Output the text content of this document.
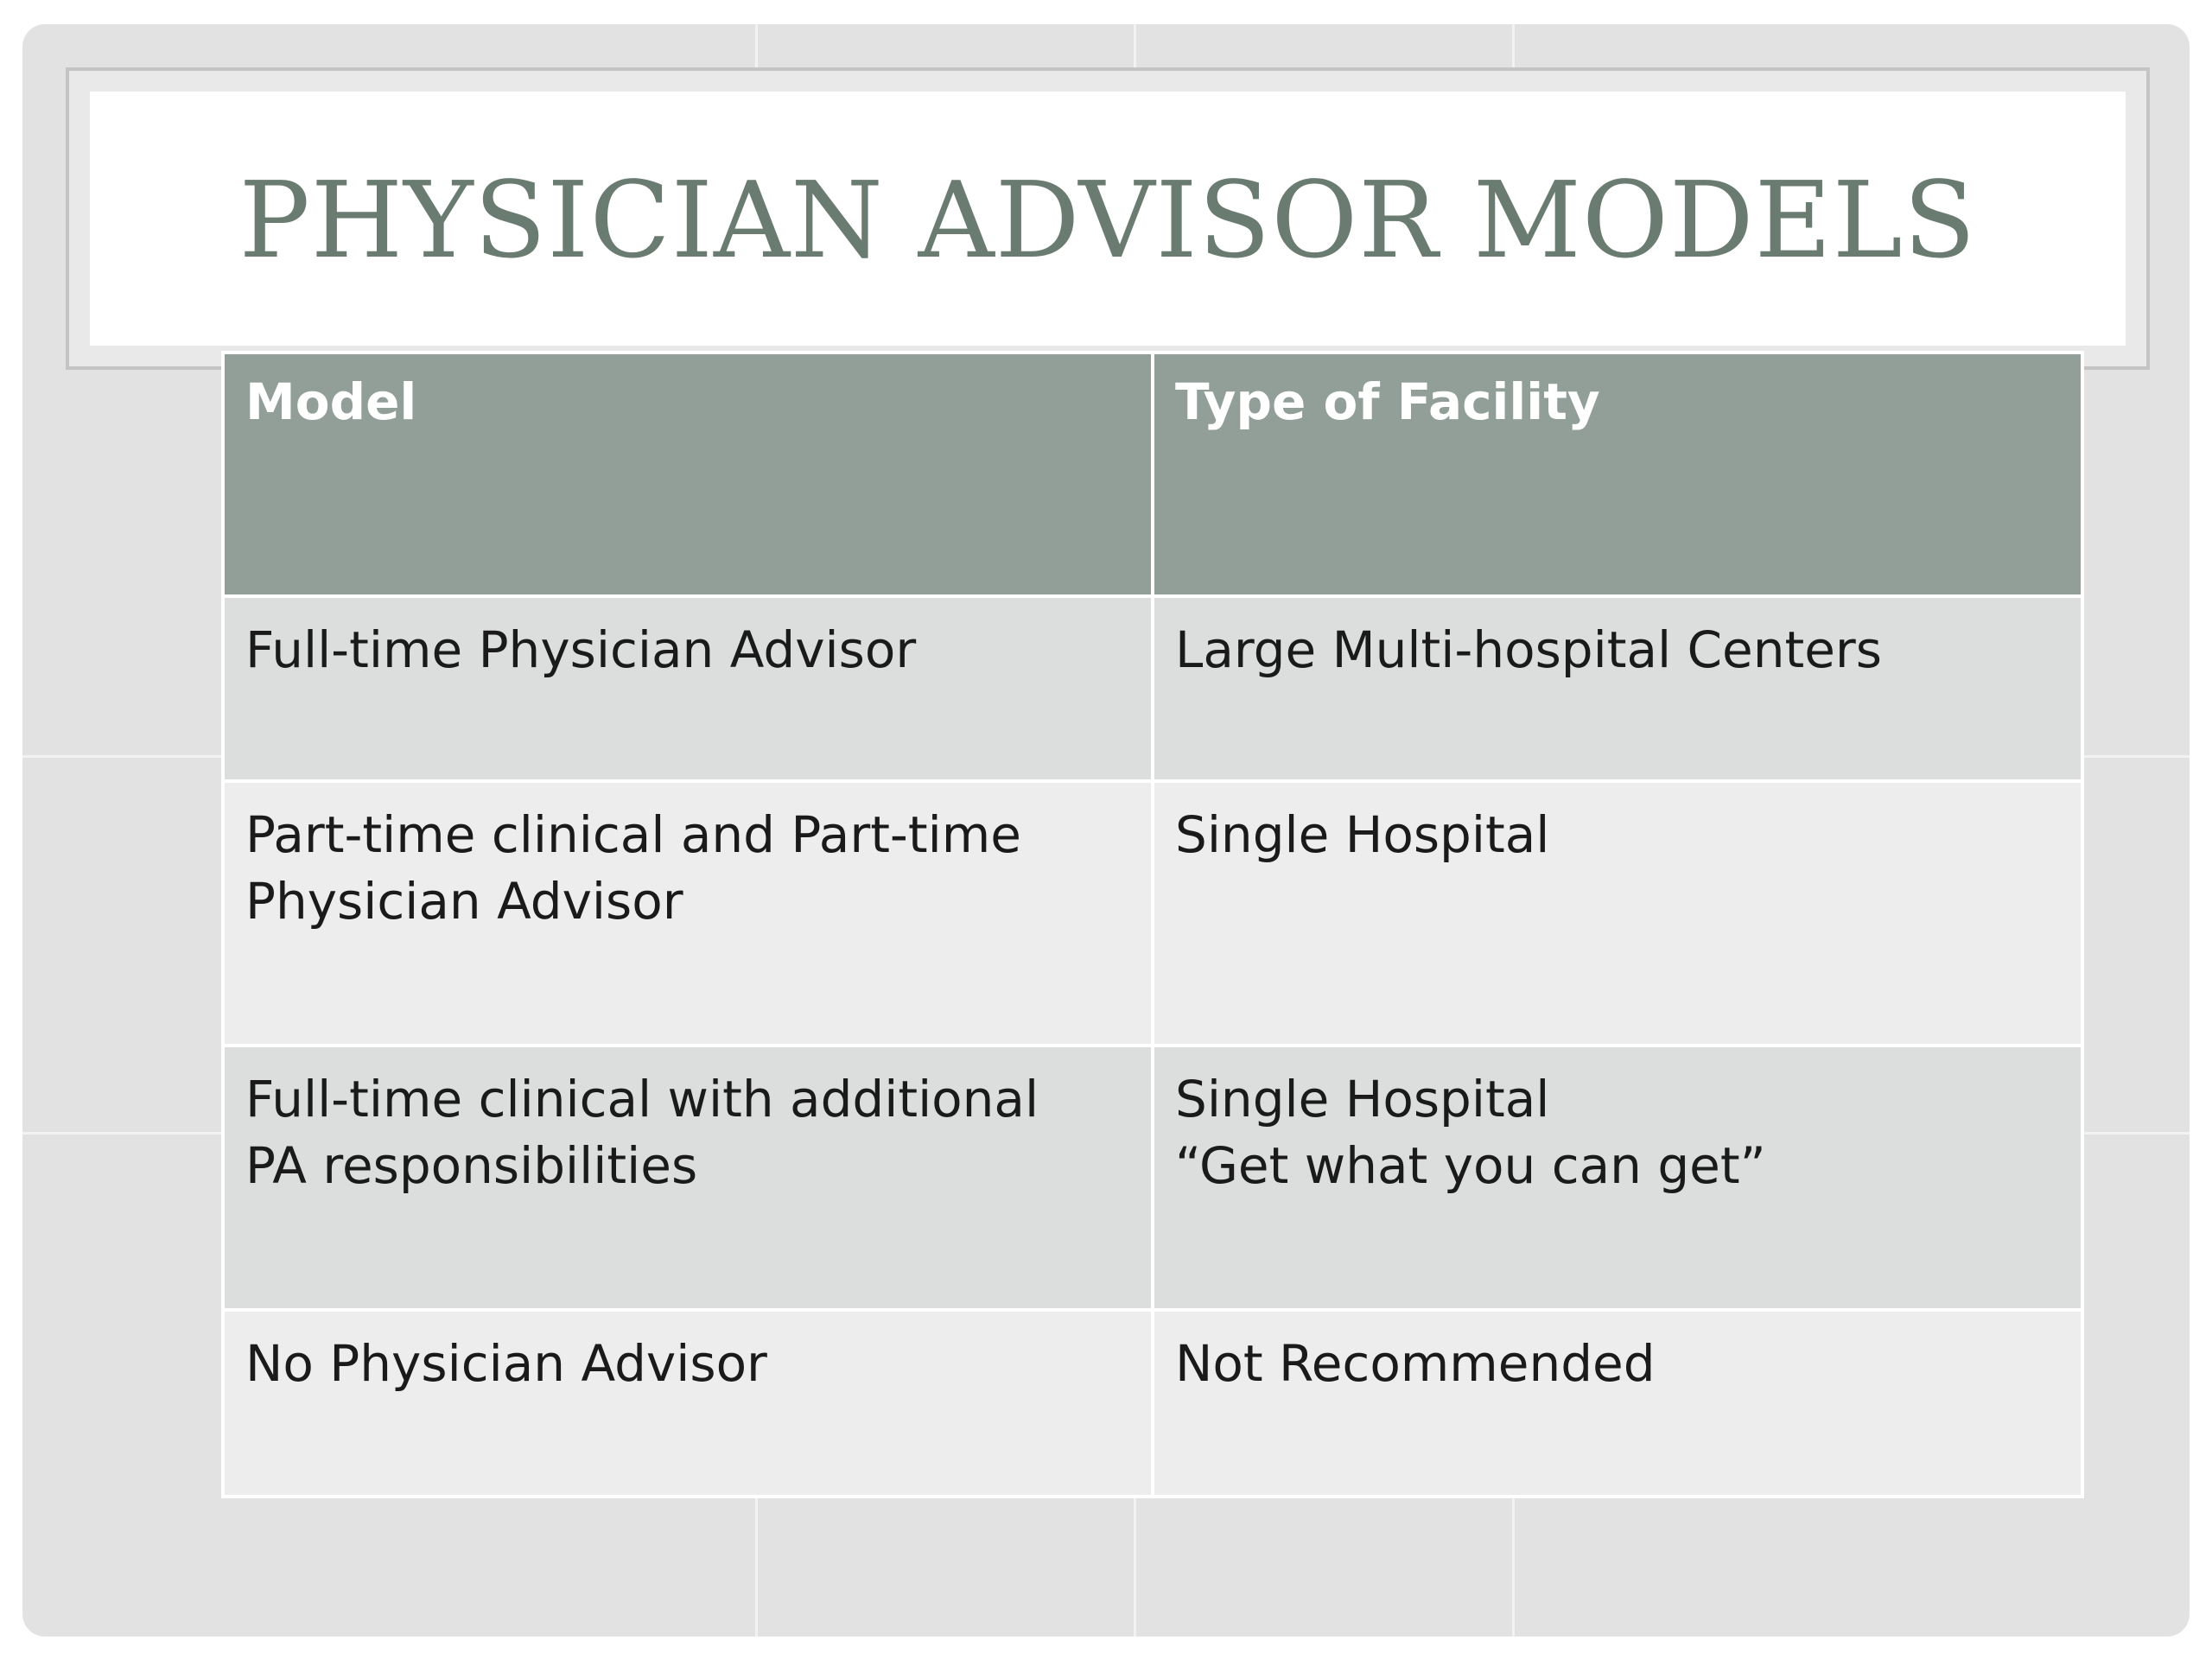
PHYSICIAN ADVISOR MODELS
Model	Type of Facility

Full-time Physician Advisor	Large Multi-hospital Centers

Part-time clinical and Part-time
Physician Advisor	Single Hospital

Full-time clinical with additional
PA responsibilities	Single Hospital
“Get what you can get”

No Physician Advisor	Not Recommended
